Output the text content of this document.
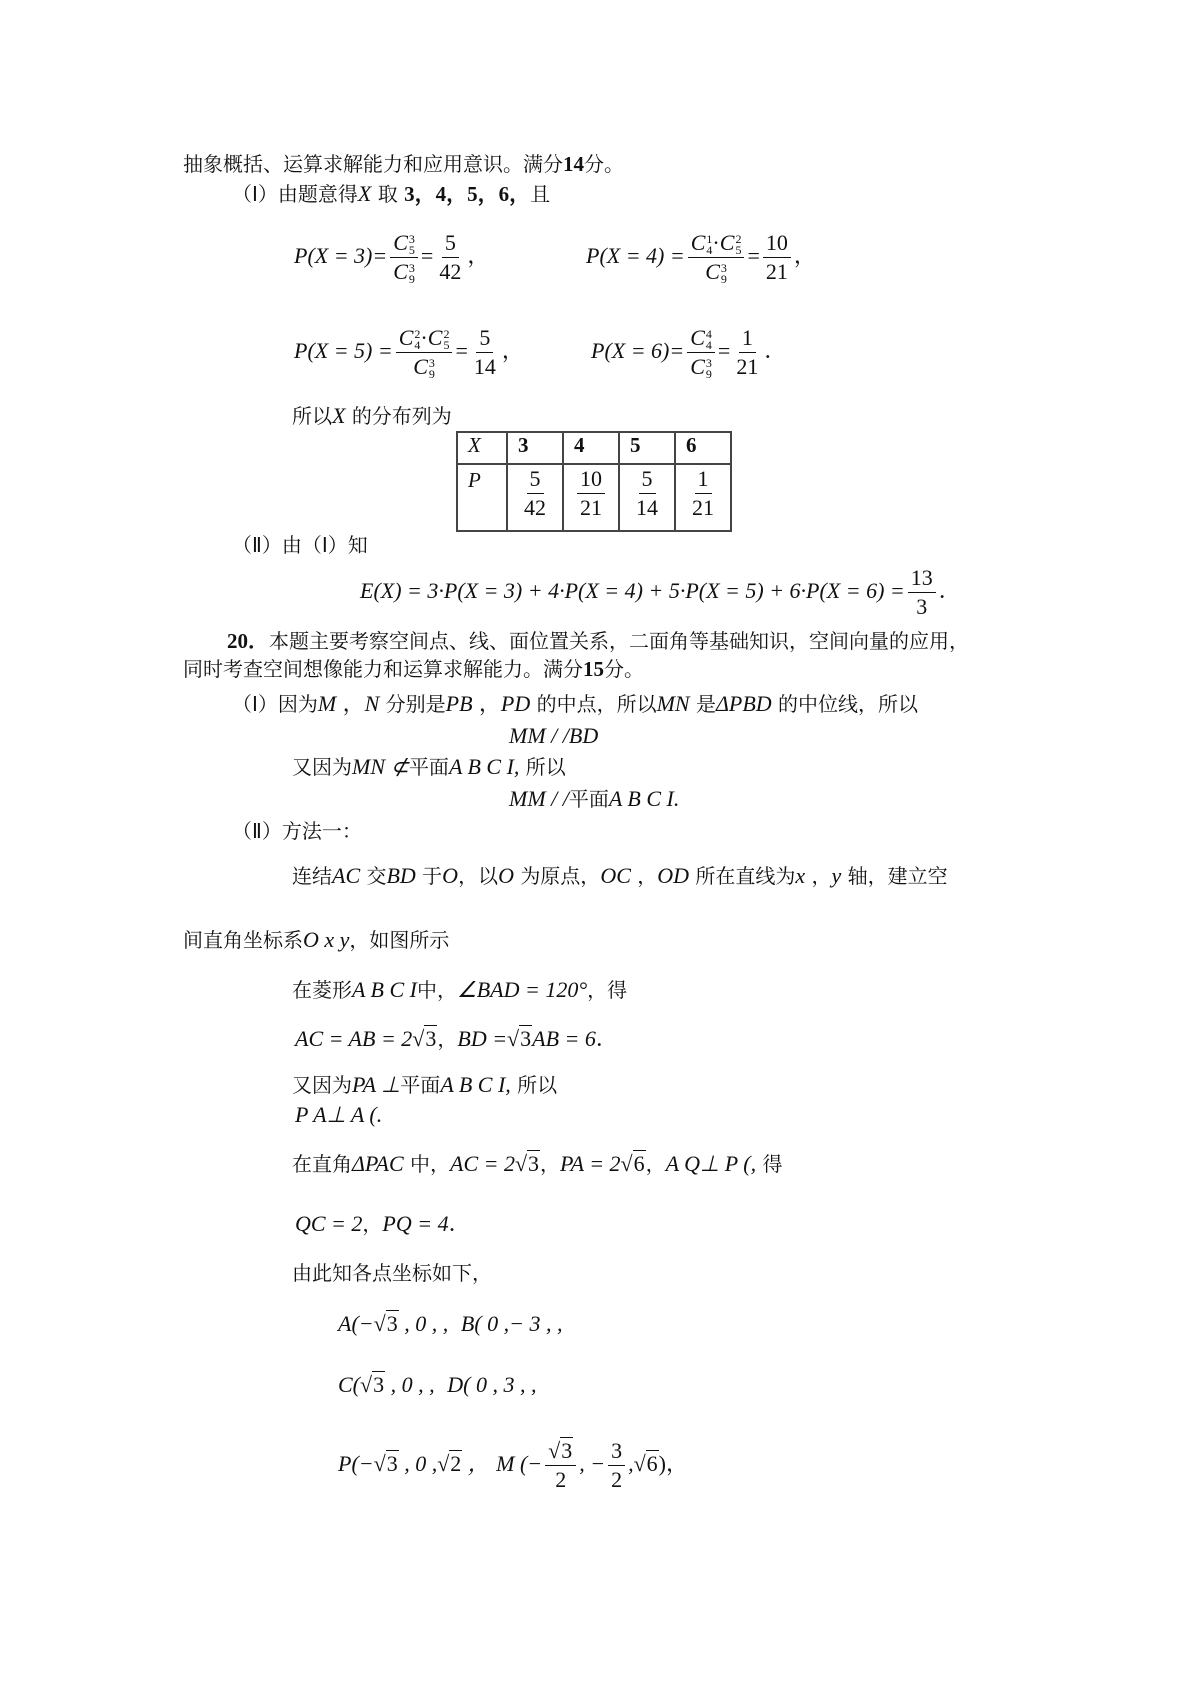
抽象概括、运算求解能力和应用意识。满分14分。
（Ⅰ）由题意得X 取 3，4，5，6，且
P(X = 3)= C 3
5
C 3
$9 = \frac{5}{42}$ ，	P(X = 4) = C 1
4 ·C 2
5
C 3
$9 = \frac{10}{21}$ ，
P(X = 5) = C 2
4 ·C 2
5
C 3
$9 = \frac{5}{14}$ ，	P(X = 6)= C 4
4
C 3
$9 = \frac{1}{21}$ ．
所以X 的分布列为
X	3	4	5	6
P	$\frac{5}{42}$	$\frac{10}{21}$	$\frac{5}{14}$	$\frac{1}{21}$
（Ⅱ）由（Ⅰ）知
$E(X) = 3\cdot P(X = 3) + 4\cdot P(X = 4) + 5\cdot P(X = 5) + 6\cdot P(X = 6) = \frac{13}{3}$ ．
20．本题主要考察空间点、线、面位置关系，二面角等基础知识，空间向量的应用，
同时考查空间想像能力和运算求解能力。满分15分。
（Ⅰ）因为M ，N 分别是PB ，PD 的中点，所以MN 是ΔPBD 的中位线，所以
MM / /BD
又因为MN ⊄平面A B C I, 所以
MM / /平面A B C I.
（Ⅱ）方法一：
连结AC 交BD 于O，以O 为原点，OC ，OD 所在直线为x ，y 轴，建立空
间直角坐标系O x y，如图所示
在菱形A B C I中，∠BAD = 120°，得
AC = AB = 2 √ 3，BD = √ 3AB = 6．
又因为PA ⊥平面A B C I, 所以
P A⊥ A (.
在直角ΔPAC 中，AC = 2 √ 3，PA = 2 √ 6，A Q⊥ P (, 得
QC = 2，PQ = 4．
由此知各点坐标如下，
A(− √ 3 , 0 , , B( 0 ,− 3 , ,
C( √ 3 , 0 , , D( 0 , 3 , ,
P(− √ 3 , 0 , √ 2 ， M (− √ $\frac{3}{2}$ , − $\frac{3}{2}$ , √ 6)，
